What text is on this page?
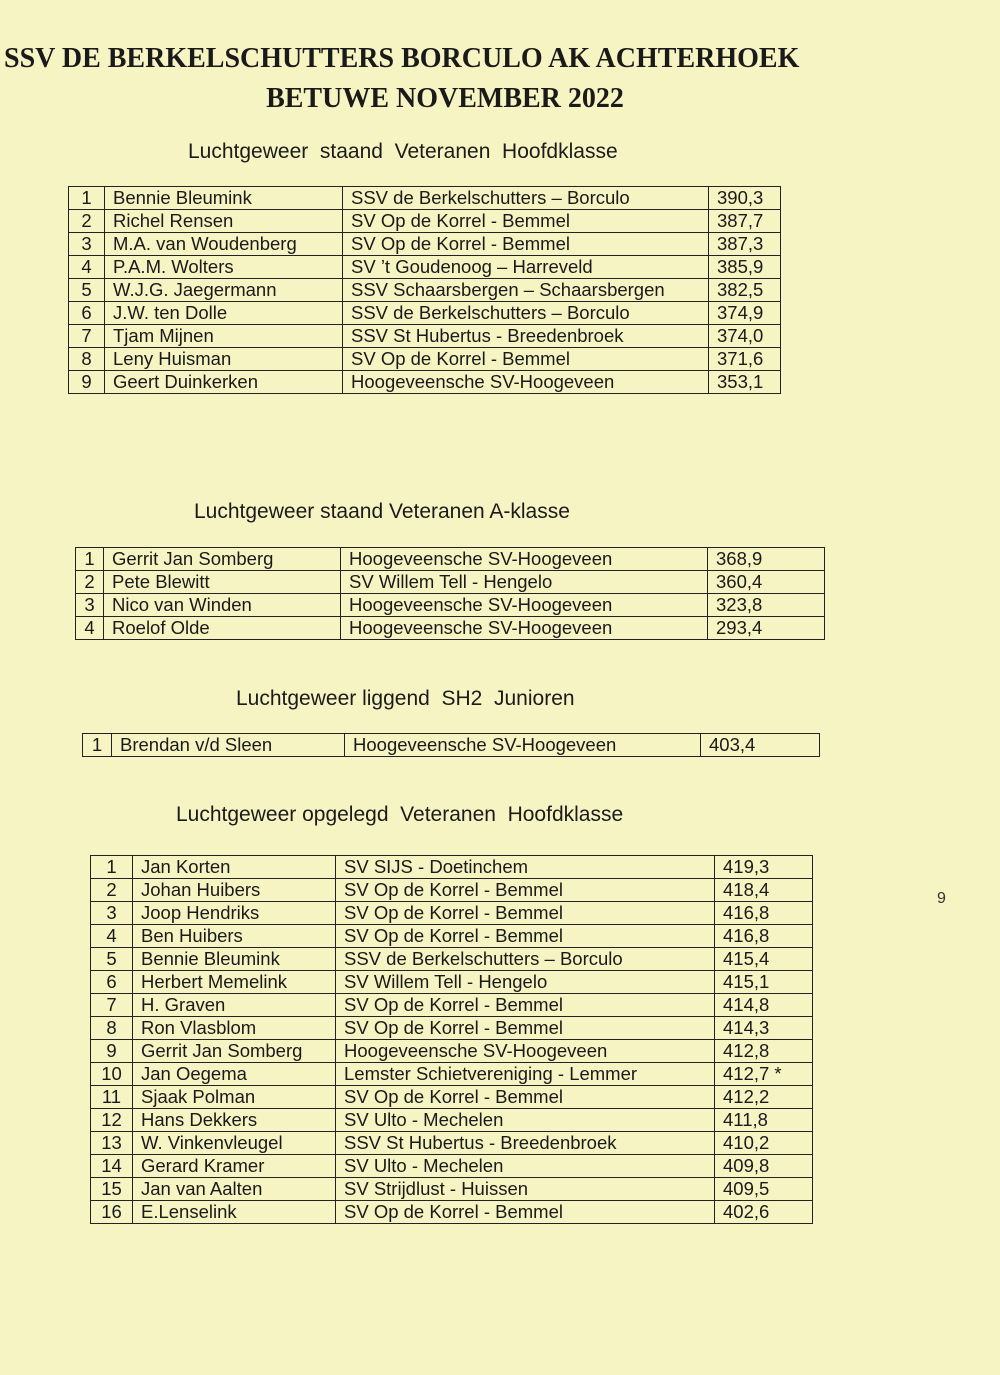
SSV DE BERKELSCHUTTERS BORCULO AK ACHTERHOEK
BETUWE NOVEMBER 2022
Luchtgeweer  staand  Veteranen  Hoofdklasse
1	Bennie Bleumink	SSV de Berkelschutters – Borculo	390,3
2	Richel Rensen	SV Op de Korrel - Bemmel	387,7
3	M.A. van Woudenberg	SV Op de Korrel - Bemmel	387,3
4	P.A.M. Wolters	SV ’t Goudenoog – Harreveld	385,9
5	W.J.G. Jaegermann	SSV Schaarsbergen – Schaarsbergen	382,5
6	J.W. ten Dolle	SSV de Berkelschutters – Borculo	374,9
7	Tjam Mijnen	SSV St Hubertus - Breedenbroek	374,0
8	Leny Huisman	SV Op de Korrel - Bemmel	371,6
9	Geert Duinkerken	Hoogeveensche SV-Hoogeveen	353,1
Luchtgeweer staand Veteranen A-klasse
1	Gerrit Jan Somberg	Hoogeveensche SV-Hoogeveen	368,9
2	Pete Blewitt	SV Willem Tell - Hengelo	360,4
3	Nico van Winden	Hoogeveensche SV-Hoogeveen	323,8
4	Roelof Olde	Hoogeveensche SV-Hoogeveen	293,4
Luchtgeweer liggend  SH2  Junioren
1	Brendan v/d Sleen	Hoogeveensche SV-Hoogeveen	403,4
Luchtgeweer opgelegd  Veteranen  Hoofdklasse
1	Jan Korten	SV SIJS - Doetinchem	419,3
2	Johan Huibers	SV Op de Korrel - Bemmel	418,4
3	Joop Hendriks	SV Op de Korrel - Bemmel	416,8
4	Ben Huibers	SV Op de Korrel - Bemmel	416,8
5	Bennie Bleumink	SSV de Berkelschutters – Borculo	415,4
6	Herbert Memelink	SV Willem Tell - Hengelo	415,1
7	H. Graven	SV Op de Korrel - Bemmel	414,8
8	Ron Vlasblom	SV Op de Korrel - Bemmel	414,3
9	Gerrit Jan Somberg	Hoogeveensche SV-Hoogeveen	412,8
10	Jan Oegema	Lemster Schietvereniging - Lemmer	412,7 *
11	Sjaak Polman	SV Op de Korrel - Bemmel	412,2
12	Hans Dekkers	SV Ulto - Mechelen	411,8
13	W. Vinkenvleugel	SSV St Hubertus - Breedenbroek	410,2
14	Gerard Kramer	SV Ulto - Mechelen	409,8
15	Jan van Aalten	SV Strijdlust - Huissen	409,5
16	E.Lenselink	SV Op de Korrel - Bemmel	402,6
9
